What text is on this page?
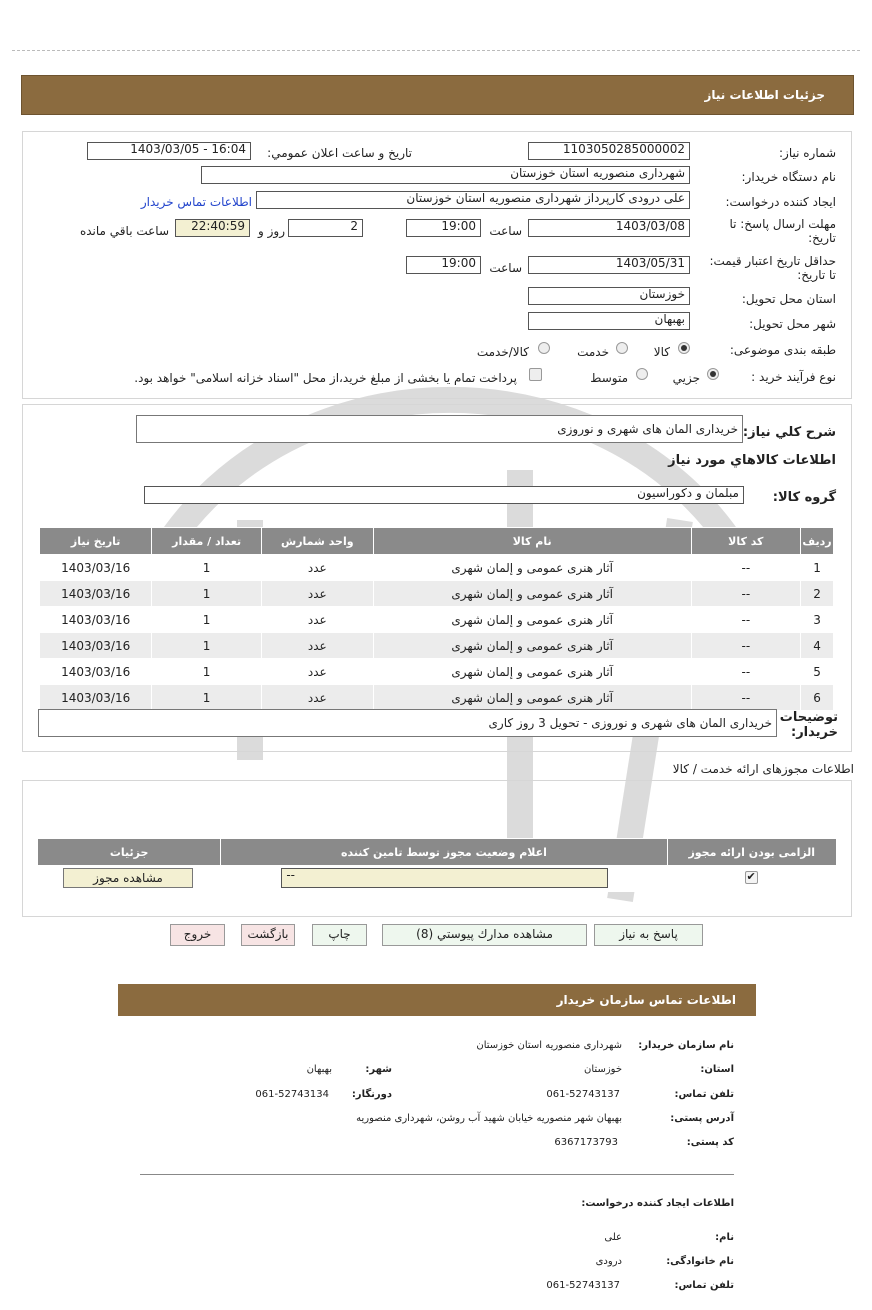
جزئيات اطلاعات نياز
شماره نياز:
1103050285000002
تاريخ و ساعت اعلان عمومي:
1403/03/05 - 16:04
نام دستگاه خريدار:
شهرداری منصوریه استان خوزستان
ايجاد كننده درخواست:
علی درودی کارپرداز شهرداری منصوریه استان خوزستان
اطلاعات تماس خريدار
مهلت ارسال پاسخ: تا تاريخ:
1403/03/08
ساعت
19:00
2
روز و
22:40:59
ساعت باقي مانده
حداقل تاريخ اعتبار قيمت: تا تاريخ:
1403/05/31
ساعت
19:00
استان محل تحويل:
خوزستان
شهر محل تحويل:
بهبهان
طبقه بندی موضوعی:
كالا
خدمت
كالا/خدمت
نوع فرآيند خريد :
جزيي
متوسط
پرداخت تمام يا بخشی از مبلغ خريد،از محل "اسناد خزانه اسلامی" خواهد بود.
شرح كلي نياز:
خریداری المان های شهری و نوروزی
اطلاعات كالاهاي مورد نياز
گروه كالا:
مبلمان و دکوراسیون
رديف	كد كالا	نام كالا	واحد شمارش	تعداد / مقدار	تاريخ نياز
1	--	آثار هنری عمومی و إلمان شهری	عدد	1	1403/03/16
2	--	آثار هنری عمومی و إلمان شهری	عدد	1	1403/03/16
3	--	آثار هنری عمومی و إلمان شهری	عدد	1	1403/03/16
4	--	آثار هنری عمومی و إلمان شهری	عدد	1	1403/03/16
5	--	آثار هنری عمومی و إلمان شهری	عدد	1	1403/03/16
6	--	آثار هنری عمومی و إلمان شهری	عدد	1	1403/03/16
توضيحات خريدار:
خریداری المان های شهری و نوروزی - تحویل 3 روز کاری
اطلاعات مجوزهای ارائه خدمت / كالا
الزامی بودن ارائه مجوز	اعلام وضعيت مجوز توسط تامين كننده	جزئيات

✔	--	مشاهده مجوز
پاسخ به نياز
مشاهده مدارك پيوستي (8)
چاپ
بازگشت
خروج
اطلاعات تماس سازمان خريدار
نام سازمان خريدار:
شهرداری منصوریه استان خوزستان
استان:
خوزستان
شهر:
بهبهان
تلفن تماس:
061-52743137
دورنگار:
061-52743134
آدرس پستی:
بهبهان شهر منصوریه خیابان شهید آب روشن، شهرداری منصوریه
كد پستی:
6367173793
اطلاعات ايجاد كننده درخواست:
نام:
علی
نام خانوادگی:
درودی
تلفن تماس:
061-52743137
